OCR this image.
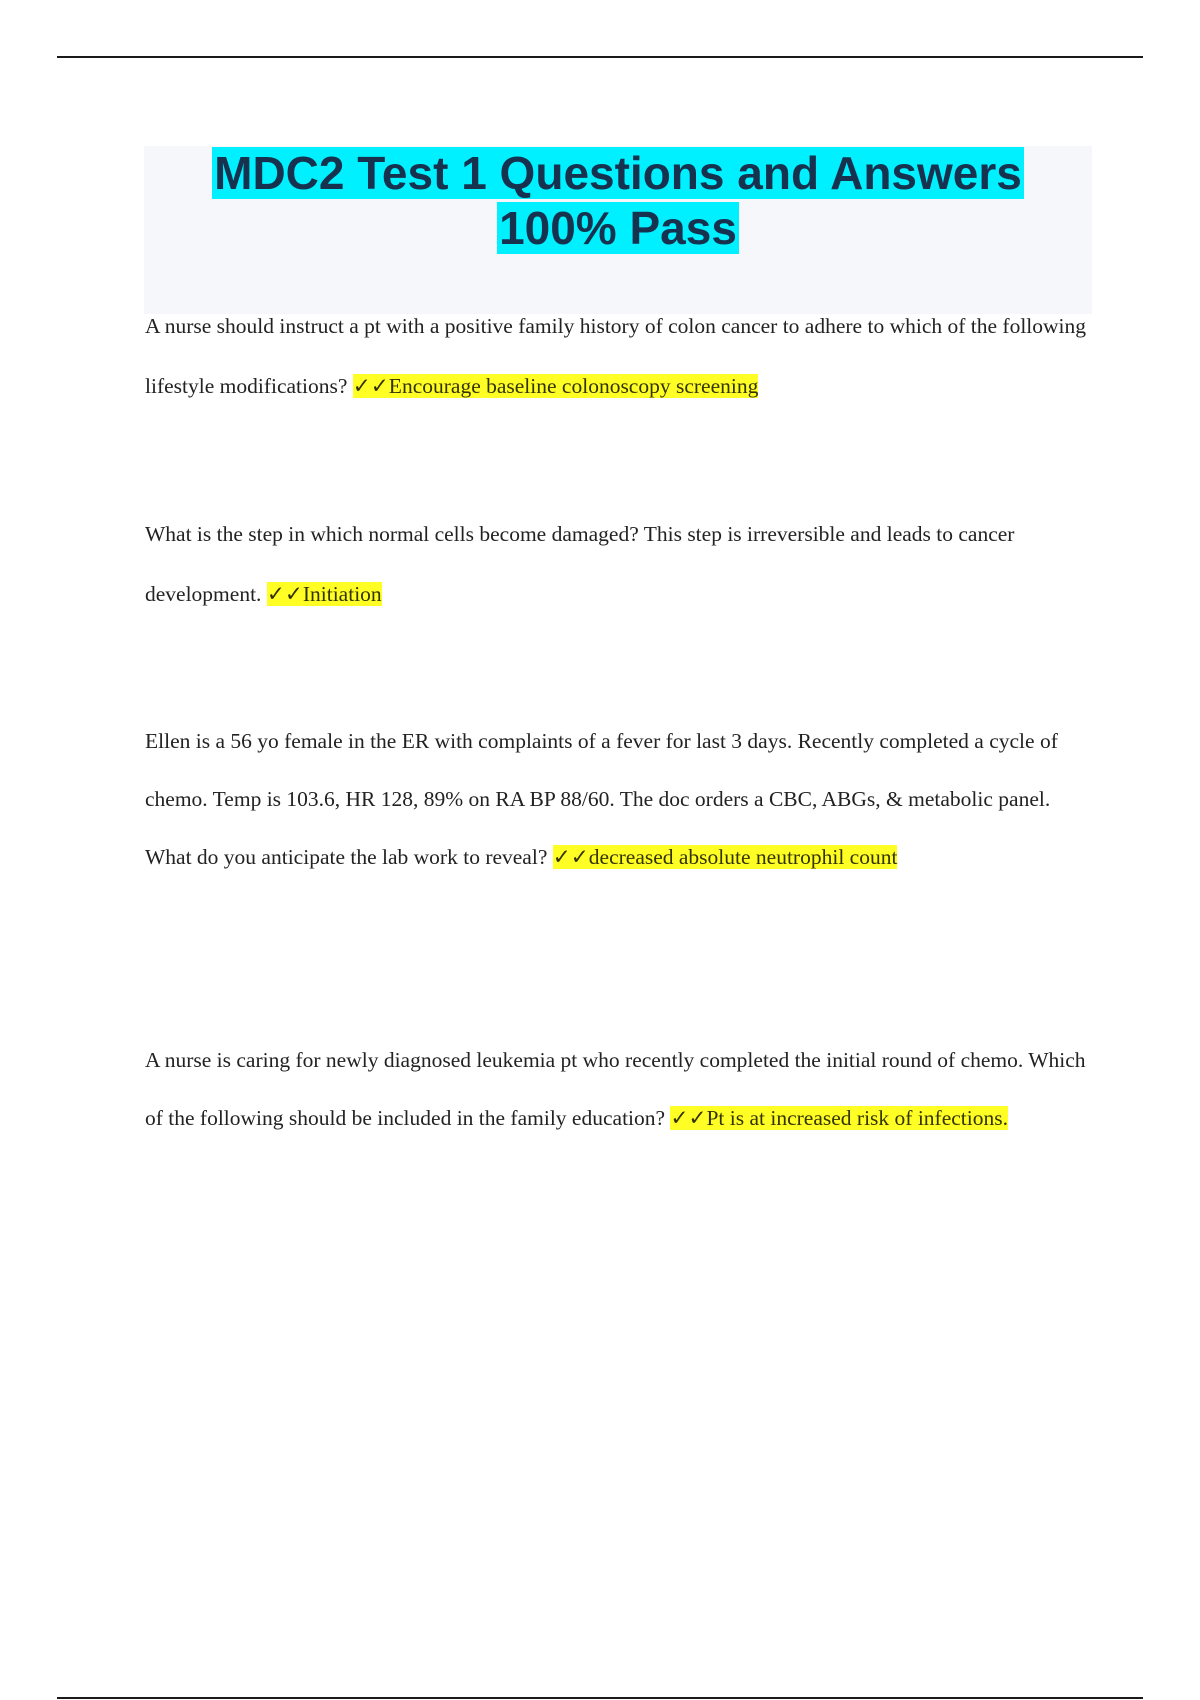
MDC2 Test 1 Questions and Answers
100% Pass
A nurse should instruct a pt with a positive family history of colon cancer to adhere to which of the following lifestyle modifications? ✓✓Encourage baseline colonoscopy screening
What is the step in which normal cells become damaged? This step is irreversible and leads to cancer development. ✓✓Initiation
Ellen is a 56 yo female in the ER with complaints of a fever for last 3 days. Recently completed a cycle of chemo. Temp is 103.6, HR 128, 89% on RA BP 88/60. The doc orders a CBC, ABGs, & metabolic panel. What do you anticipate the lab work to reveal? ✓✓decreased absolute neutrophil count
A nurse is caring for newly diagnosed leukemia pt who recently completed the initial round of chemo. Which of the following should be included in the family education? ✓✓Pt is at increased risk of infections.
